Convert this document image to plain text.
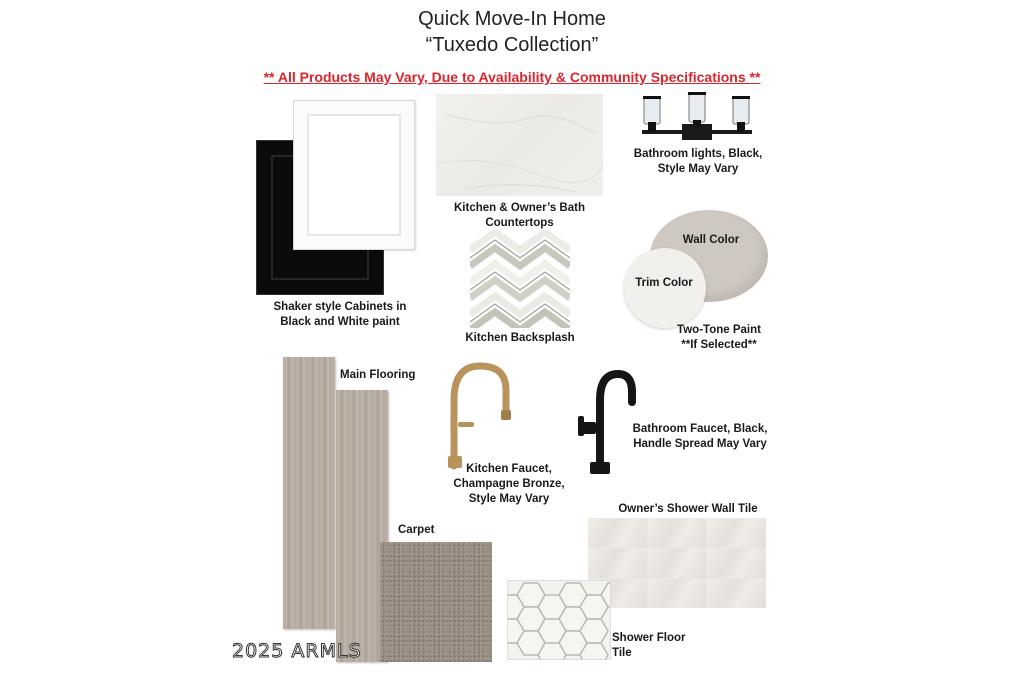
Quick Move-In Home
“Tuxedo Collection”
** All Products May Vary, Due to Availability & Community Specifications **
Shaker style Cabinets in
Black and White paint
Kitchen & Owner’s Bath
Countertops
Bathroom lights, Black,
Style May Vary
Wall Color
Trim Color
Two-Tone Paint
**If Selected**
Kitchen Backsplash
Main Flooring
Kitchen Faucet,
Champagne Bronze,
Style May Vary
Bathroom Faucet, Black,
Handle Spread May Vary
Carpet
Owner’s Shower Wall Tile
Shower Floor Tile
2025 ARMLS
